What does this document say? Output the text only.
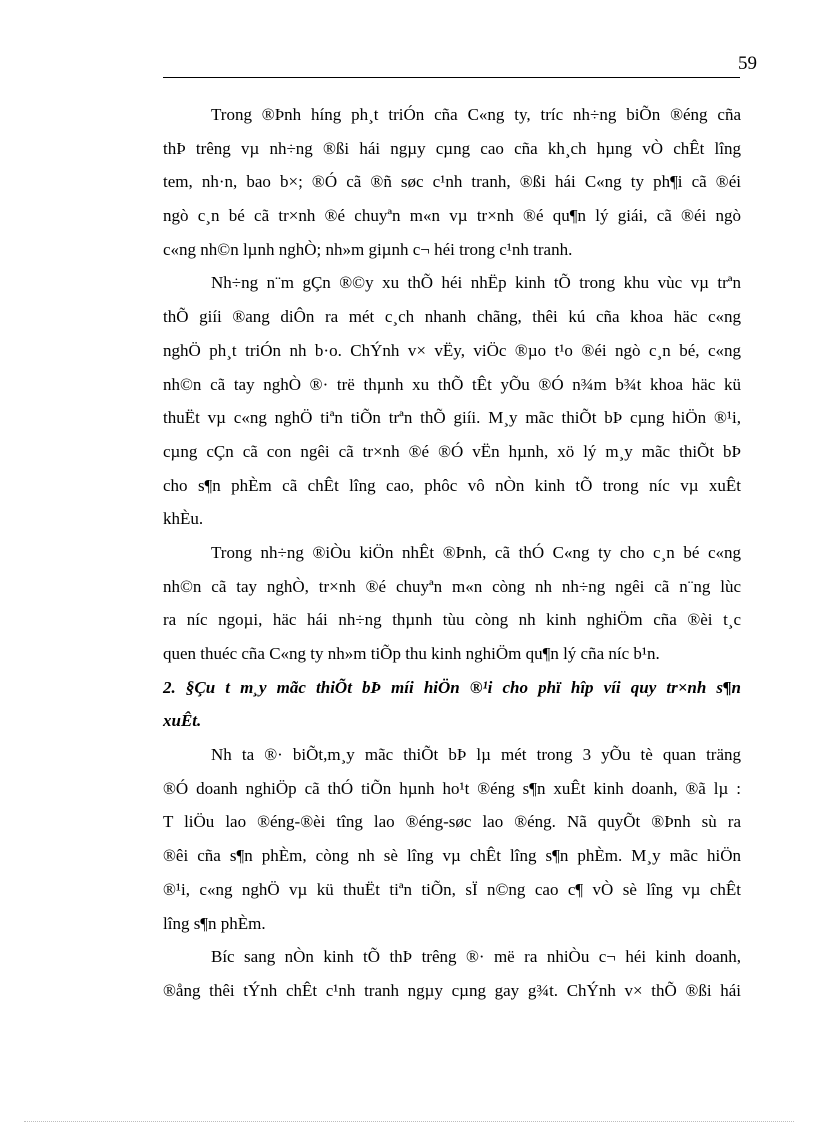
59
Trong ®Þnh híng ph¸t triÓn cña C«ng ty, tríc nh÷ng biÕn ®éng cña
thÞ trêng vµ nh÷ng ®ßi hái ngµy cµng cao cña kh¸ch hµng vÒ chÊt lîng
tem, nh·n, bao b×; ®Ó cã ®ñ søc c¹nh tranh, ®ßi hái C«ng ty ph¶i cã ®éi
ngò c¸n bé cã tr×nh ®é chuyªn m«n vµ tr×nh ®é qu¶n lý giái, cã ®éi ngò
c«ng nh©n lµnh nghÒ; nh»m giµnh c¬ héi trong c¹nh tranh.
Nh÷ng n¨m gÇn ®©y xu thÕ héi nhËp kinh tÕ trong khu vùc vµ trªn
thÕ giíi ®ang diÔn ra mét c¸ch nhanh chãng, thêi kú cña khoa häc c«ng
nghÖ ph¸t triÓn nh b·o. ChÝnh v× vËy, viÖc ®µo t¹o ®éi ngò c¸n bé, c«ng
nh©n cã tay nghÒ ®· trë thµnh xu thÕ tÊt yÕu ®Ó n¾m b¾t khoa häc kü
thuËt vµ c«ng nghÖ tiªn tiÕn trªn thÕ giíi. M¸y mãc thiÕt bÞ cµng hiÖn ®¹i,
cµng cÇn cã con ngêi cã tr×nh ®é ®Ó vËn hµnh, xö lý m¸y mãc thiÕt bÞ
cho s¶n phÈm cã chÊt lîng cao, phôc vô nÒn kinh tÕ trong níc vµ xuÊt
khÈu.
Trong nh÷ng ®iÒu kiÖn nhÊt ®Þnh, cã thÓ C«ng ty cho c¸n bé c«ng
nh©n cã tay nghÒ, tr×nh ®é chuyªn m«n còng nh nh÷ng ngêi cã n¨ng lùc
ra níc ngoµi, häc hái nh÷ng thµnh tùu còng nh kinh nghiÖm cña ®èi t¸c
quen thuéc cña C«ng ty nh»m tiÕp thu kinh nghiÖm qu¶n lý cña níc b¹n.
2. §Çu t m¸y mãc thiÕt bÞ míi hiÖn ®¹i cho phï hîp víi quy tr×nh s¶n
xuÊt.
Nh ta ®· biÕt,m¸y mãc thiÕt bÞ lµ mét trong 3 yÕu tè quan träng
®Ó doanh nghiÖp cã thÓ tiÕn hµnh ho¹t ®éng s¶n xuÊt kinh doanh, ®ã lµ :
T liÖu lao ®éng-®èi tîng lao ®éng-søc lao ®éng. Nã quyÕt ®Þnh sù ra
®êi cña s¶n phÈm, còng nh sè lîng vµ chÊt lîng s¶n phÈm. M¸y mãc hiÖn
®¹i, c«ng nghÖ vµ kü thuËt tiªn tiÕn, sÏ n©ng cao c¶ vÒ sè lîng vµ chÊt
lîng s¶n phÈm.
Bíc sang nÒn kinh tÕ thÞ trêng ®· më ra nhiÒu c¬ héi kinh doanh,
®ång thêi tÝnh chÊt c¹nh tranh ngµy cµng gay g¾t. ChÝnh v× thÕ ®ßi hái
